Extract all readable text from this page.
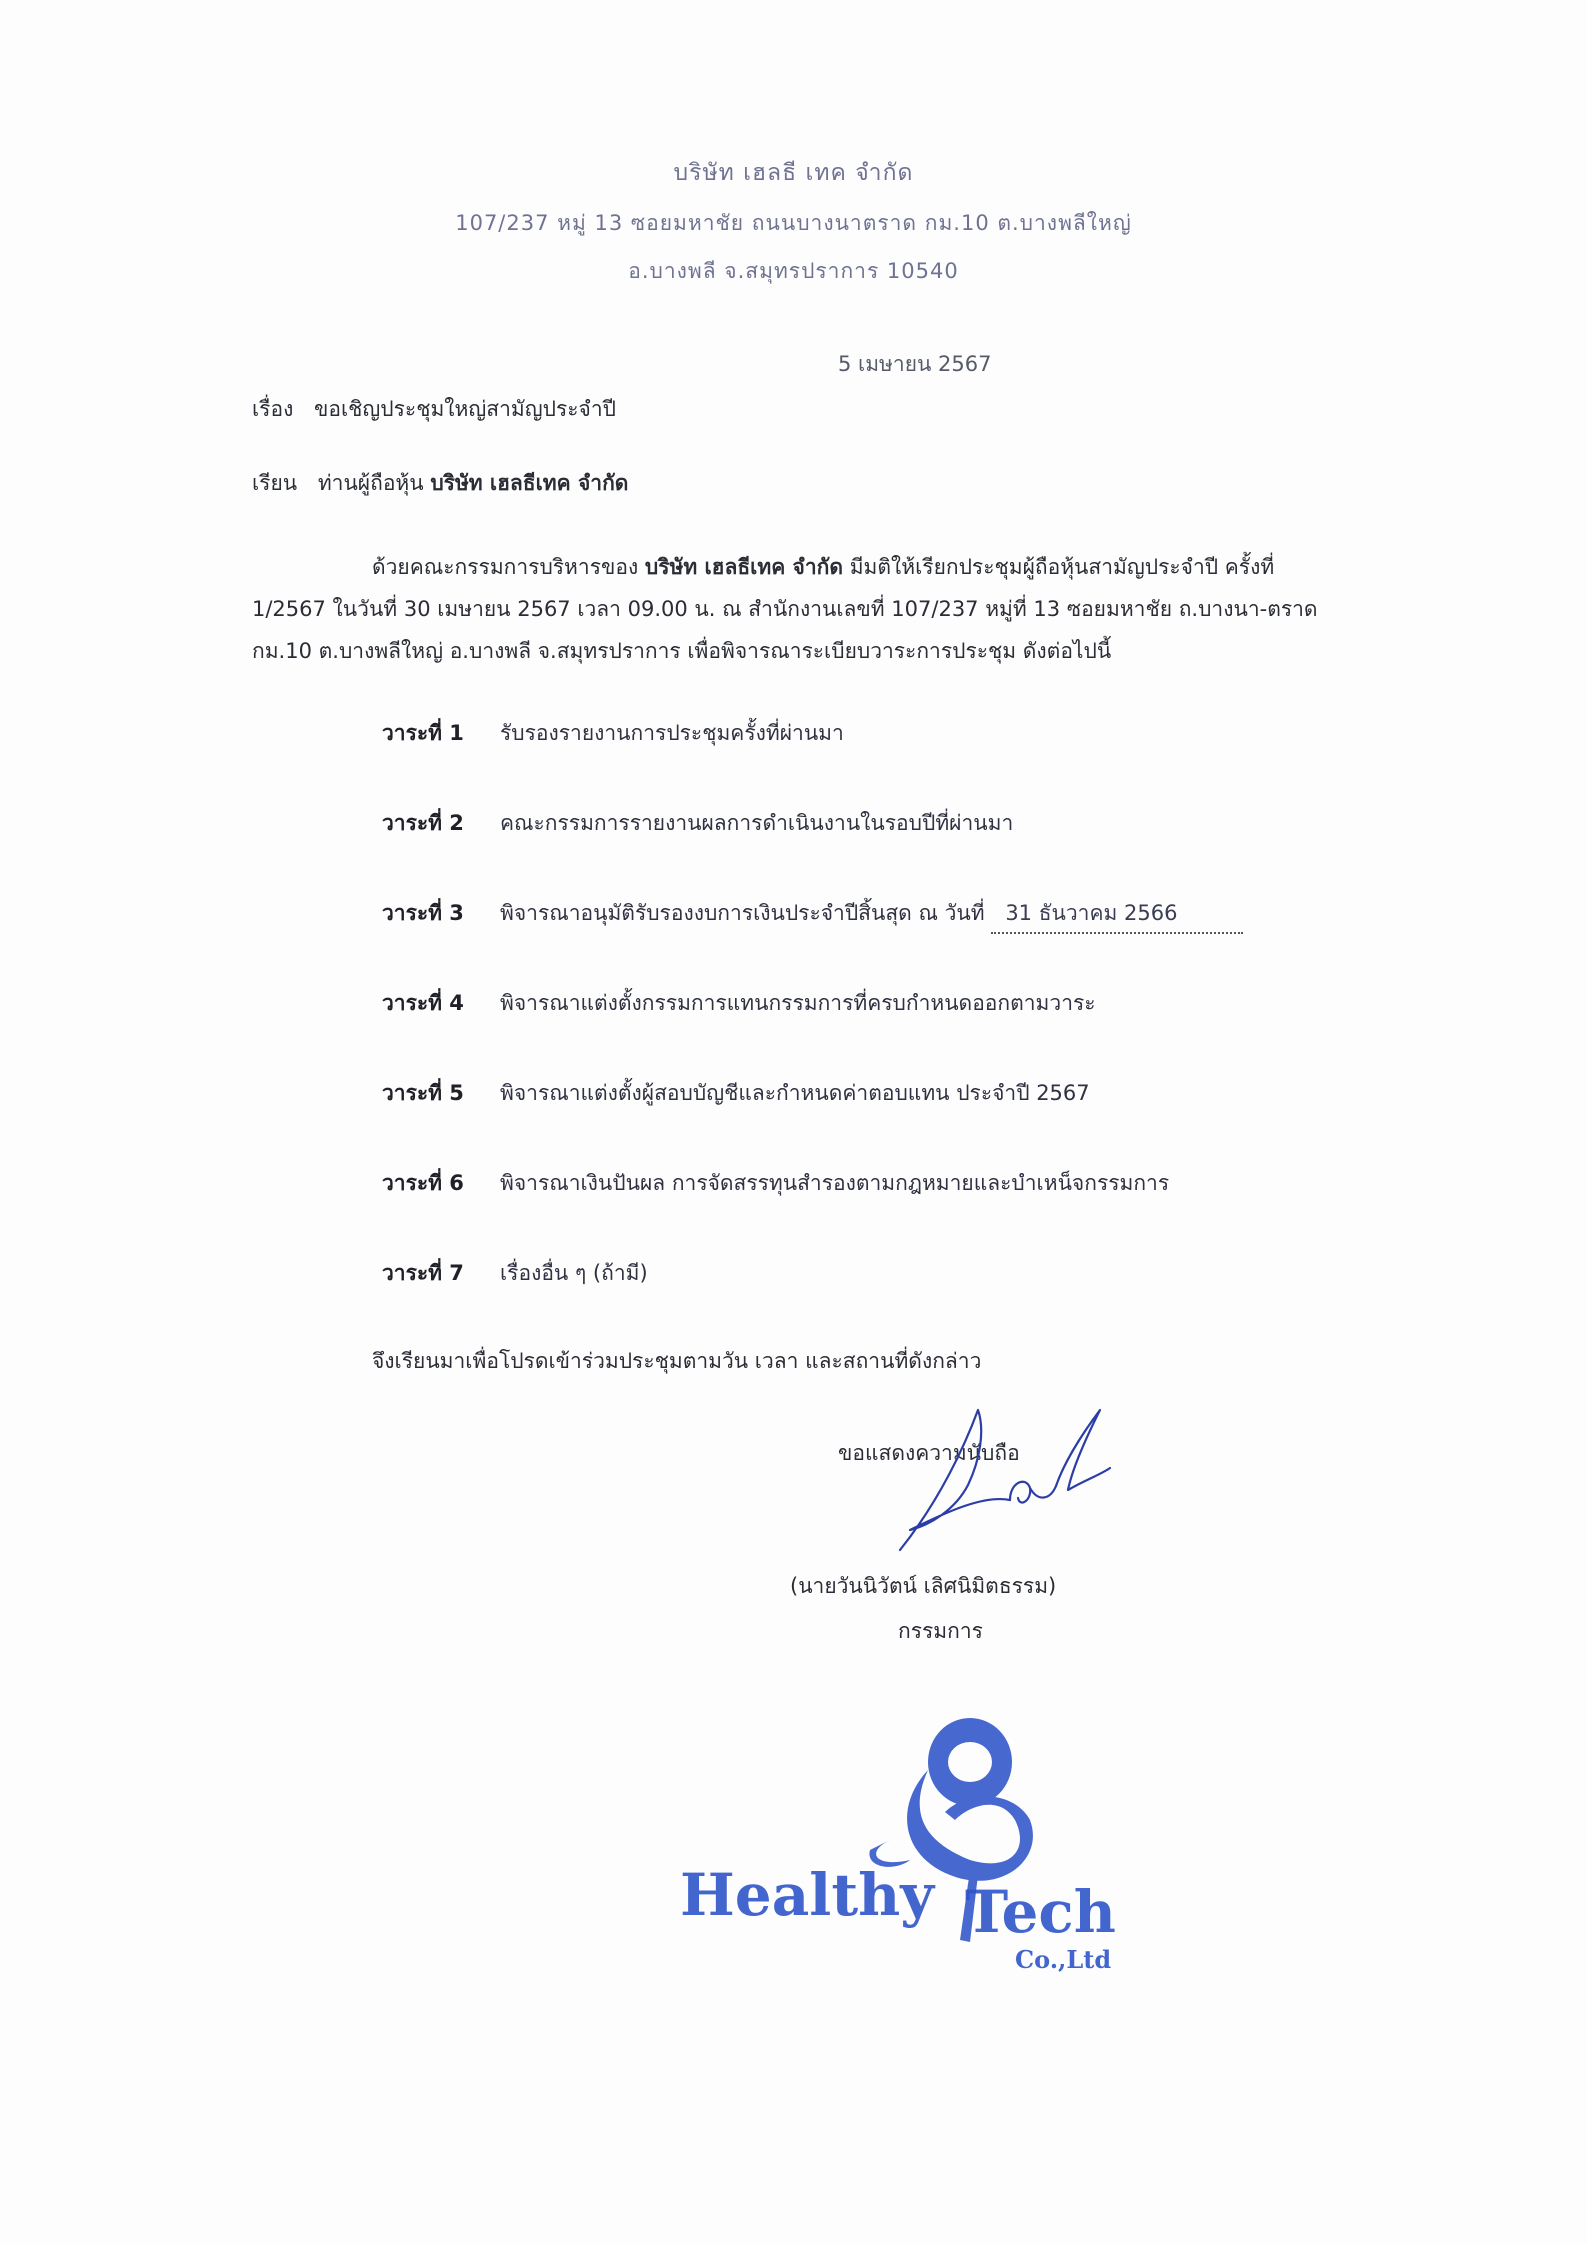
บริษัท เฮลธี เทค จำกัด
107/237 หมู่ 13 ซอยมหาชัย ถนนบางนาตราด กม.10 ต.บางพลีใหญ่
อ.บางพลี จ.สมุทรปราการ 10540
5 เมษายน 2567
เรื่อง ขอเชิญประชุมใหญ่สามัญประจำปี
เรียน ท่านผู้ถือหุ้น บริษัท เฮลธีเทค จำกัด
ด้วยคณะกรรมการบริหารของ บริษัท เฮลธีเทค จำกัด มีมติให้เรียกประชุมผู้ถือหุ้นสามัญประจำปี ครั้งที่
1/2567 ในวันที่ 30 เมษายน 2567 เวลา 09.00 น. ณ สำนักงานเลขที่ 107/237 หมู่ที่ 13 ซอยมหาชัย ถ.บางนา-ตราด
กม.10 ต.บางพลีใหญ่ อ.บางพลี จ.สมุทรปราการ เพื่อพิจารณาระเบียบวาระการประชุม ดังต่อไปนี้
วาระที่ 1 รับรองรายงานการประชุมครั้งที่ผ่านมา
วาระที่ 2 คณะกรรมการรายงานผลการดำเนินงานในรอบปีที่ผ่านมา
วาระที่ 3 พิจารณาอนุมัติรับรองงบการเงินประจำปีสิ้นสุด ณ วันที่ 31 ธันวาคม 2566
วาระที่ 4 พิจารณาแต่งตั้งกรรมการแทนกรรมการที่ครบกำหนดออกตามวาระ
วาระที่ 5 พิจารณาแต่งตั้งผู้สอบบัญชีและกำหนดค่าตอบแทน ประจำปี 2567
วาระที่ 6 พิจารณาเงินปันผล การจัดสรรทุนสำรองตามกฎหมายและบำเหน็จกรรมการ
วาระที่ 7 เรื่องอื่น ๆ (ถ้ามี)
จึงเรียนมาเพื่อโปรดเข้าร่วมประชุมตามวัน เวลา และสถานที่ดังกล่าว
ขอแสดงความนับถือ
(นายวันนิวัตน์ เลิศนิมิตธรรม)
กรรมการ
Healthy Tech
Co.,Ltd
